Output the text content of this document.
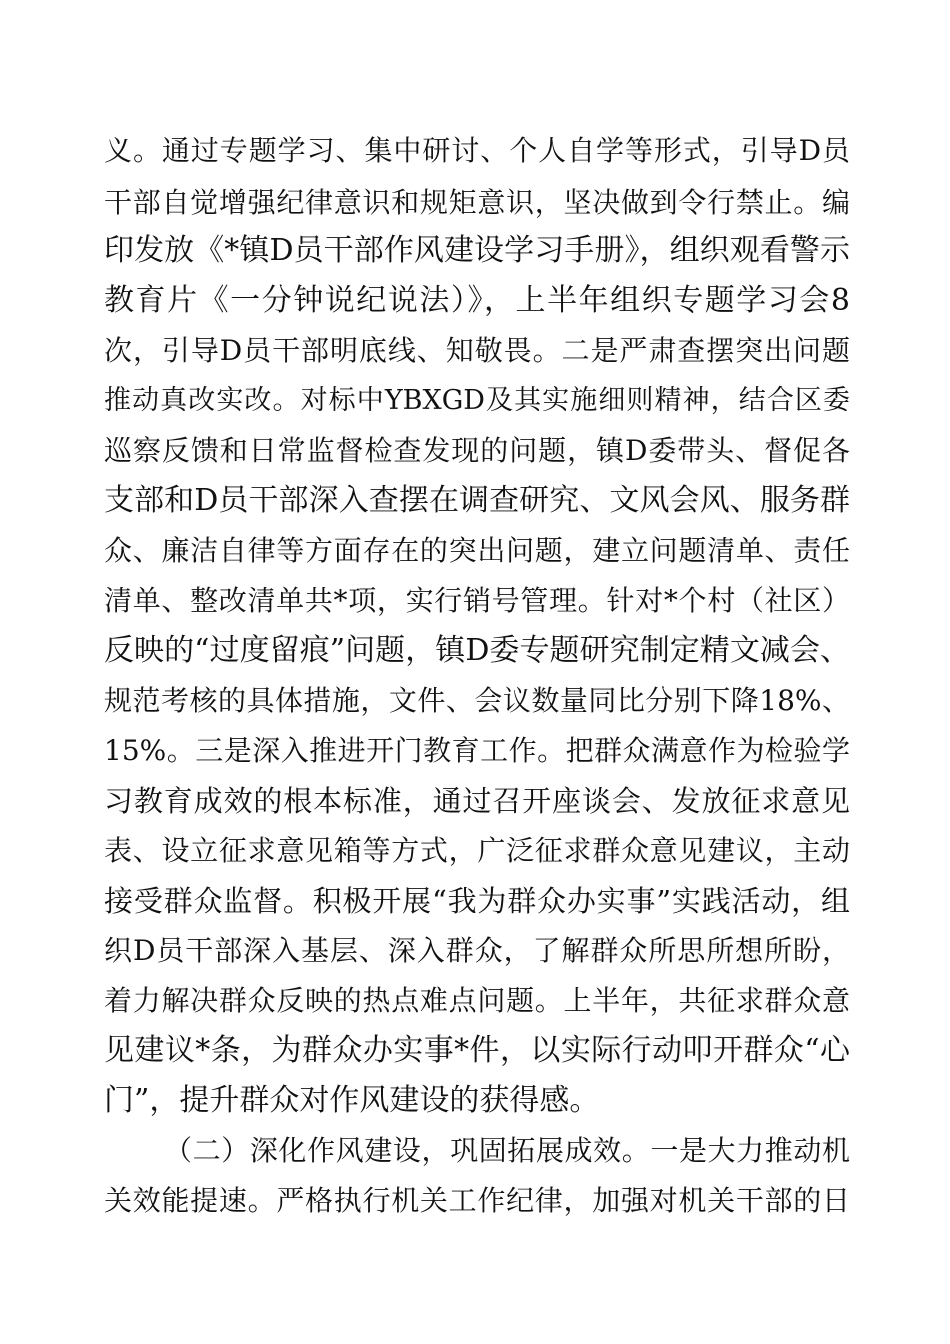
义。通过专题学习、集中研讨、个人自学等形式，引导D员
干部自觉增强纪律意识和规矩意识，坚决做到令行禁止。编
印发放《*镇D员干部作风建设学习手册》，组织观看警示
教育片《一分钟说纪说法）》，上半年组织专题学习会8
次，引导D员干部明底线、知敬畏。二是严肃查摆突出问题
推动真改实改。对标中YBXGD及其实施细则精神，结合区委
巡察反馈和日常监督检查发现的问题，镇D委带头、督促各
支部和D员干部深入查摆在调查研究、文风会风、服务群
众、廉洁自律等方面存在的突出问题，建立问题清单、责任
清单、整改清单共*项，实行销号管理。针对*个村（社区）
反映的“过度留痕”问题，镇D委专题研究制定精文减会、
规范考核的具体措施，文件、会议数量同比分别下降18%、
15%。三是深入推进开门教育工作。把群众满意作为检验学
习教育成效的根本标准，通过召开座谈会、发放征求意见
表、设立征求意见箱等方式，广泛征求群众意见建议，主动
接受群众监督。积极开展“我为群众办实事”实践活动，组
织D员干部深入基层、深入群众，了解群众所思所想所盼，
着力解决群众反映的热点难点问题。上半年，共征求群众意
见建议*条，为群众办实事*件，以实际行动叩开群众“心
门”，提升群众对作风建设的获得感。
（二）深化作风建设，巩固拓展成效。一是大力推动机
关效能提速。严格执行机关工作纪律，加强对机关干部的日
